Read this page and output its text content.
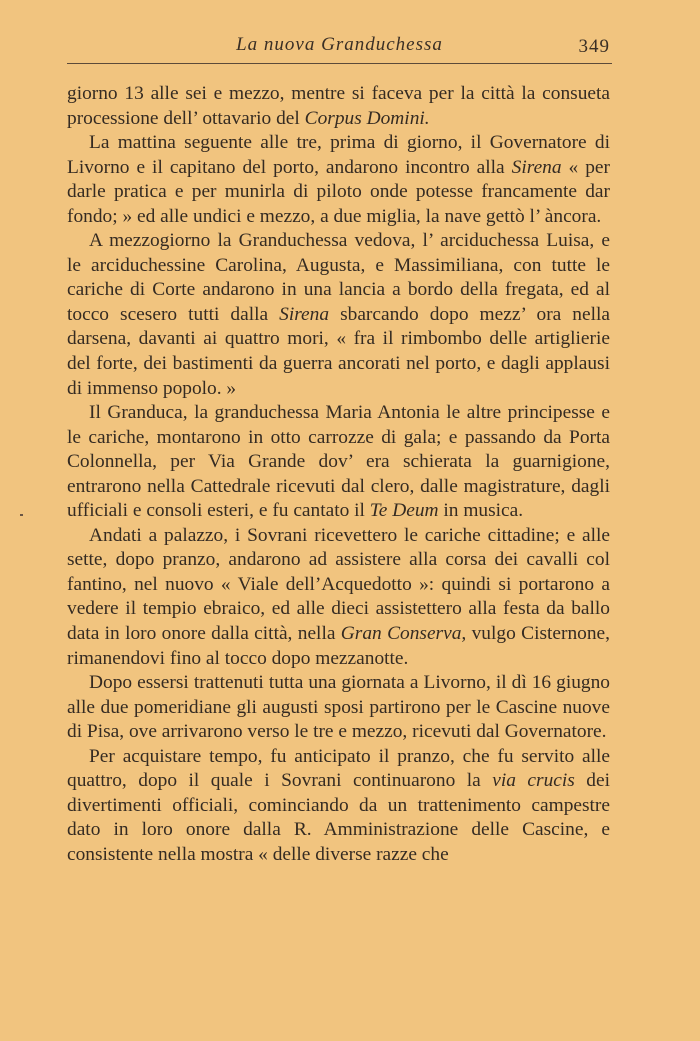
La nuova Granduchessa	349

giorno 13 alle sei e mezzo, mentre si faceva per la città la consueta processione dell’ ottavario del Corpus Domini.

La mattina seguente alle tre, prima di giorno, il Governatore di Livorno e il capitano del porto, andarono incontro alla Sirena « per darle pratica e per munirla di piloto onde potesse francamente dar fondo; » ed alle undici e mezzo, a due miglia, la nave gettò l’ àncora.

A mezzogiorno la Granduchessa vedova, l’ arciduchessa Luisa, e le arciduchessine Carolina, Augusta, e Massimiliana, con tutte le cariche di Corte andarono in una lancia a bordo della fregata, ed al tocco scesero tutti dalla Sirena sbarcando dopo mezz’ ora nella darsena, davanti ai quattro mori, « fra il rimbombo delle artiglierie del forte, dei bastimenti da guerra ancorati nel porto, e dagli applausi di immenso popolo. »

Il Granduca, la granduchessa Maria Antonia le altre principesse e le cariche, montarono in otto carrozze di gala; e passando da Porta Colonnella, per Via Grande dov’ era schierata la guarnigione, entrarono nella Cattedrale ricevuti dal clero, dalle magistrature, dagli ufficiali e consoli esteri, e fu cantato il Te Deum in musica.

Andati a palazzo, i Sovrani ricevettero le cariche cittadine; e alle sette, dopo pranzo, andarono ad assistere alla corsa dei cavalli col fantino, nel nuovo « Viale dell’Acquedotto »: quindi si portarono a vedere il tempio ebraico, ed alle dieci assistettero alla festa da ballo data in loro onore dalla città, nella Gran Conserva, vulgo Cisternone, rimanendovi fino al tocco dopo mezzanotte.

Dopo essersi trattenuti tutta una giornata a Livorno, il dì 16 giugno alle due pomeridiane gli augusti sposi partirono per le Cascine nuove di Pisa, ove arrivarono verso le tre e mezzo, ricevuti dal Governatore.

Per acquistare tempo, fu anticipato il pranzo, che fu servito alle quattro, dopo il quale i Sovrani continuarono la via crucis dei divertimenti officiali, cominciando da un trattenimento campestre dato in loro onore dalla R. Amministrazione delle Cascine, e consistente nella mostra « delle diverse razze che
